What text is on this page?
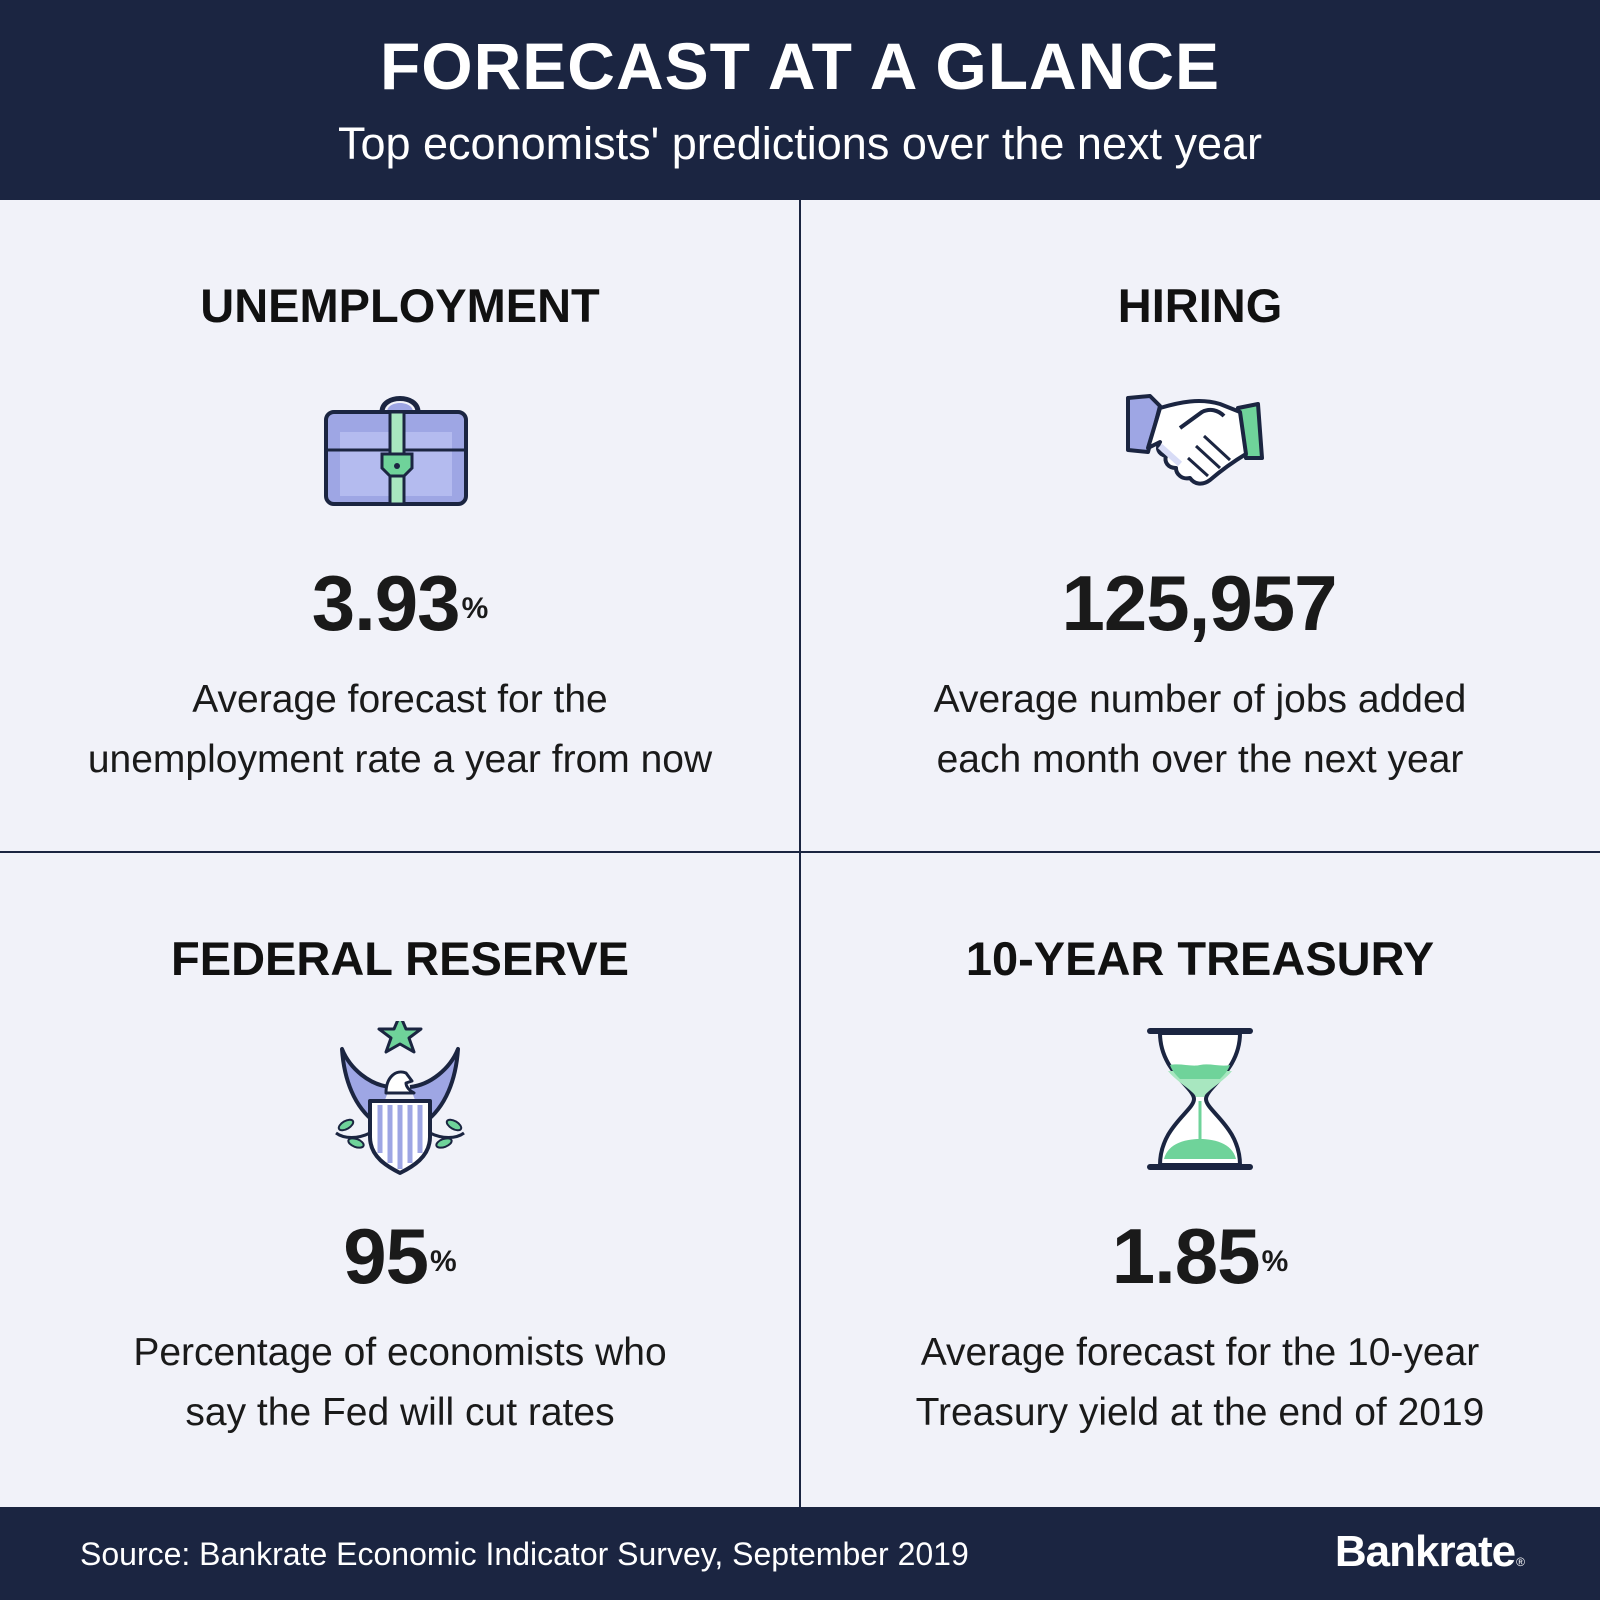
FORECAST AT A GLANCE
Top economists' predictions over the next year
UNEMPLOYMENT
3.93%
Average forecast for the
unemployment rate a year from now
HIRING
125,957
Average number of jobs added
each month over the next year
FEDERAL RESERVE
95%
Percentage of economists who
say the Fed will cut rates
10-YEAR TREASURY
1.85%
Average forecast for the 10-year
Treasury yield at the end of 2019
Source: Bankrate Economic Indicator Survey, September 2019	Bankrate®
